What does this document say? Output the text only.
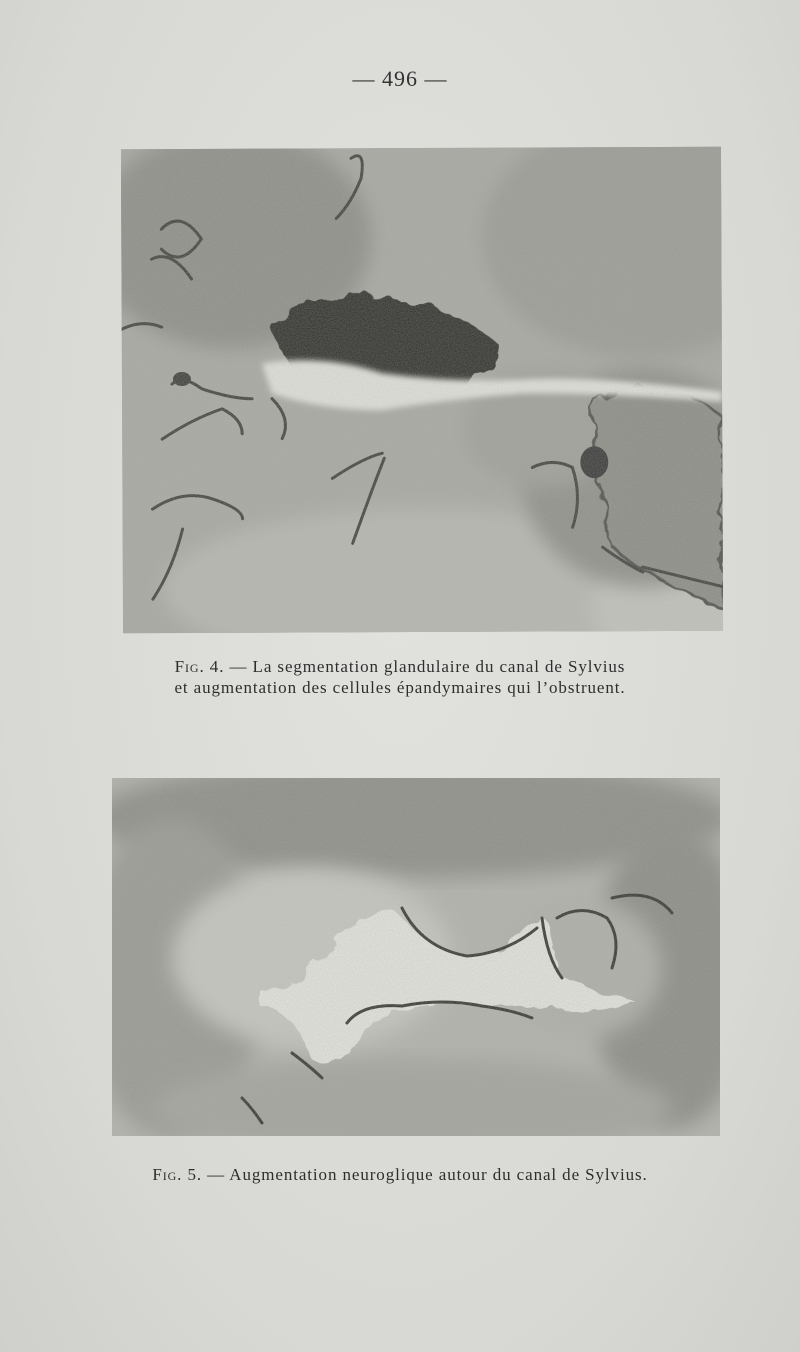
— 496 —
Fig. 4. — La segmentation glandulaire du canal de Sylvius
et augmentation des cellules épandymaires qui l’obstruent.
Fig. 5. — Augmentation neuroglique autour du canal de Sylvius.
